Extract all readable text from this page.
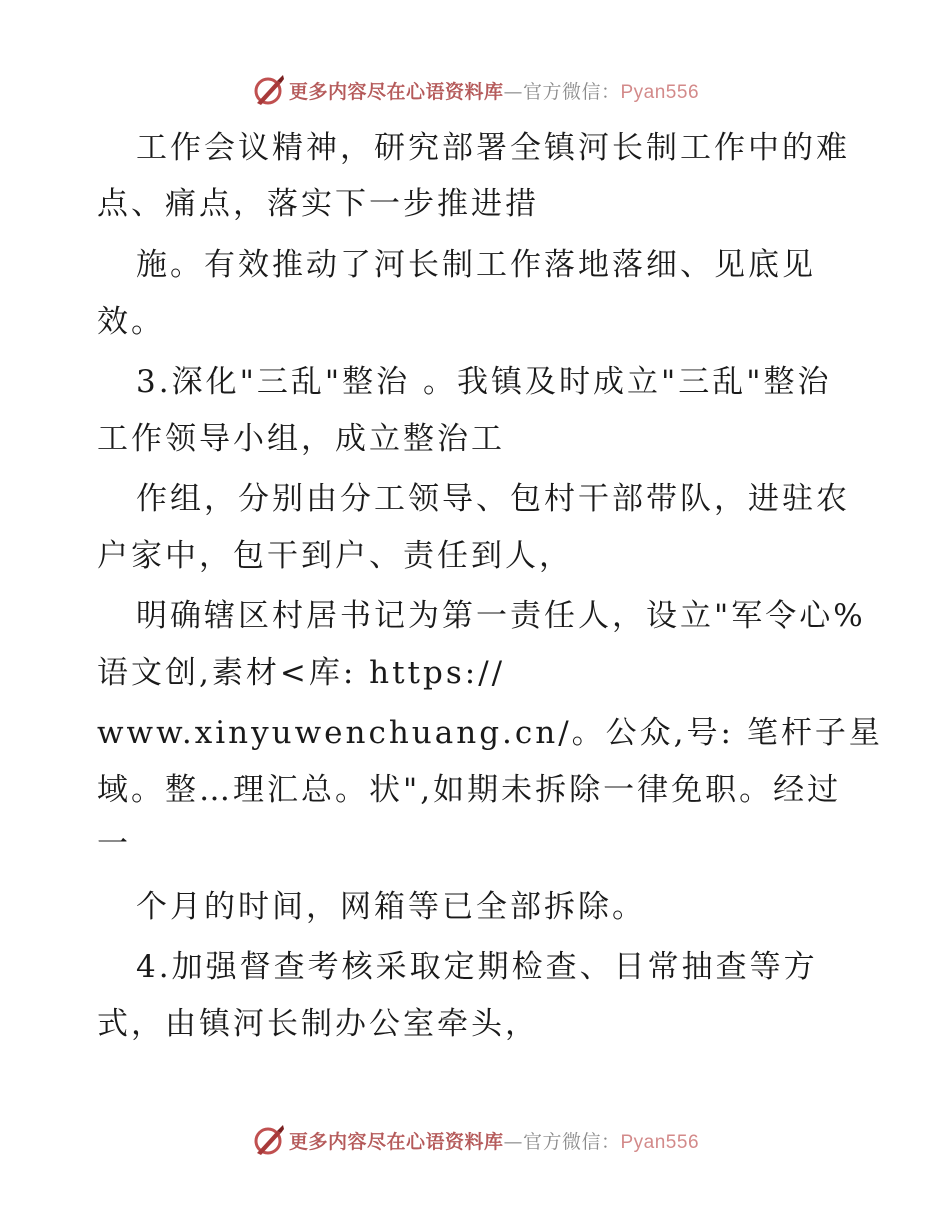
更多内容尽在心语资料库—官方微信：Pyan556
工作会议精神，研究部署全镇河长制工作中的难
点、痛点，落实下一步推进措
施。有效推动了河长制工作落地落细、见底见
效。
3.深化"三乱"整治 。我镇及时成立"三乱"整治
工作领导小组，成立整治工
作组，分别由分工领导、包村干部带队，进驻农
户家中，包干到户、责任到人，
明确辖区村居书记为第一责任人，设立"军令心%
语文创,素材<库: https://
www.xinyuwenchuang.cn/。公众,号: 笔杆子星
域。整…理汇总。状",如期未拆除一律免职。经过
一
个月的时间，网箱等已全部拆除。
4.加强督查考核采取定期检查、日常抽查等方
式，由镇河长制办公室牵头，
更多内容尽在心语资料库—官方微信：Pyan556
